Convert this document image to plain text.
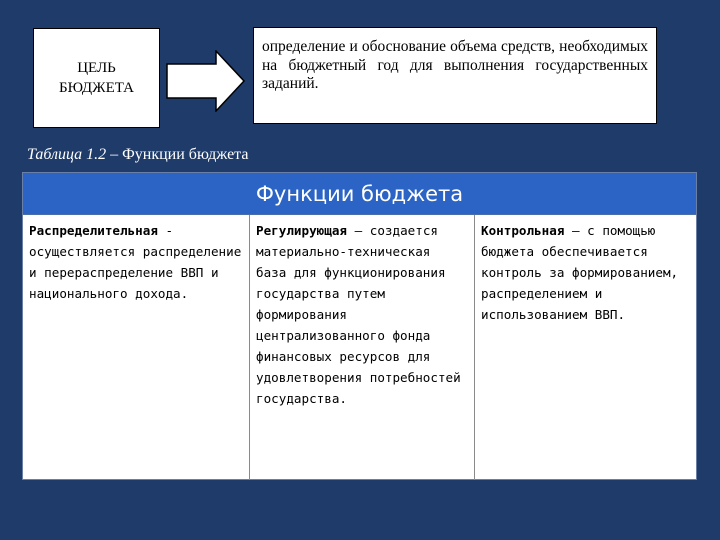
ЦЕЛЬ
БЮДЖЕТА
определение и обоснование объема средств, необходимых на бюджетный год для выполнения государственных заданий.
Таблица 1.2 – Функции бюджета
Функции бюджета
Распределительная - осуществляется распределение и перераспределение ВВП и национального дохода.
Регулирующая – создается материально-техническая база для функционирования государства путем формирования централизованного фонда финансовых ресурсов для удовлетворения потребностей государства.
Контрольная – с помощью бюджета обеспечивается контроль за формированием, распределением и использованием ВВП.
